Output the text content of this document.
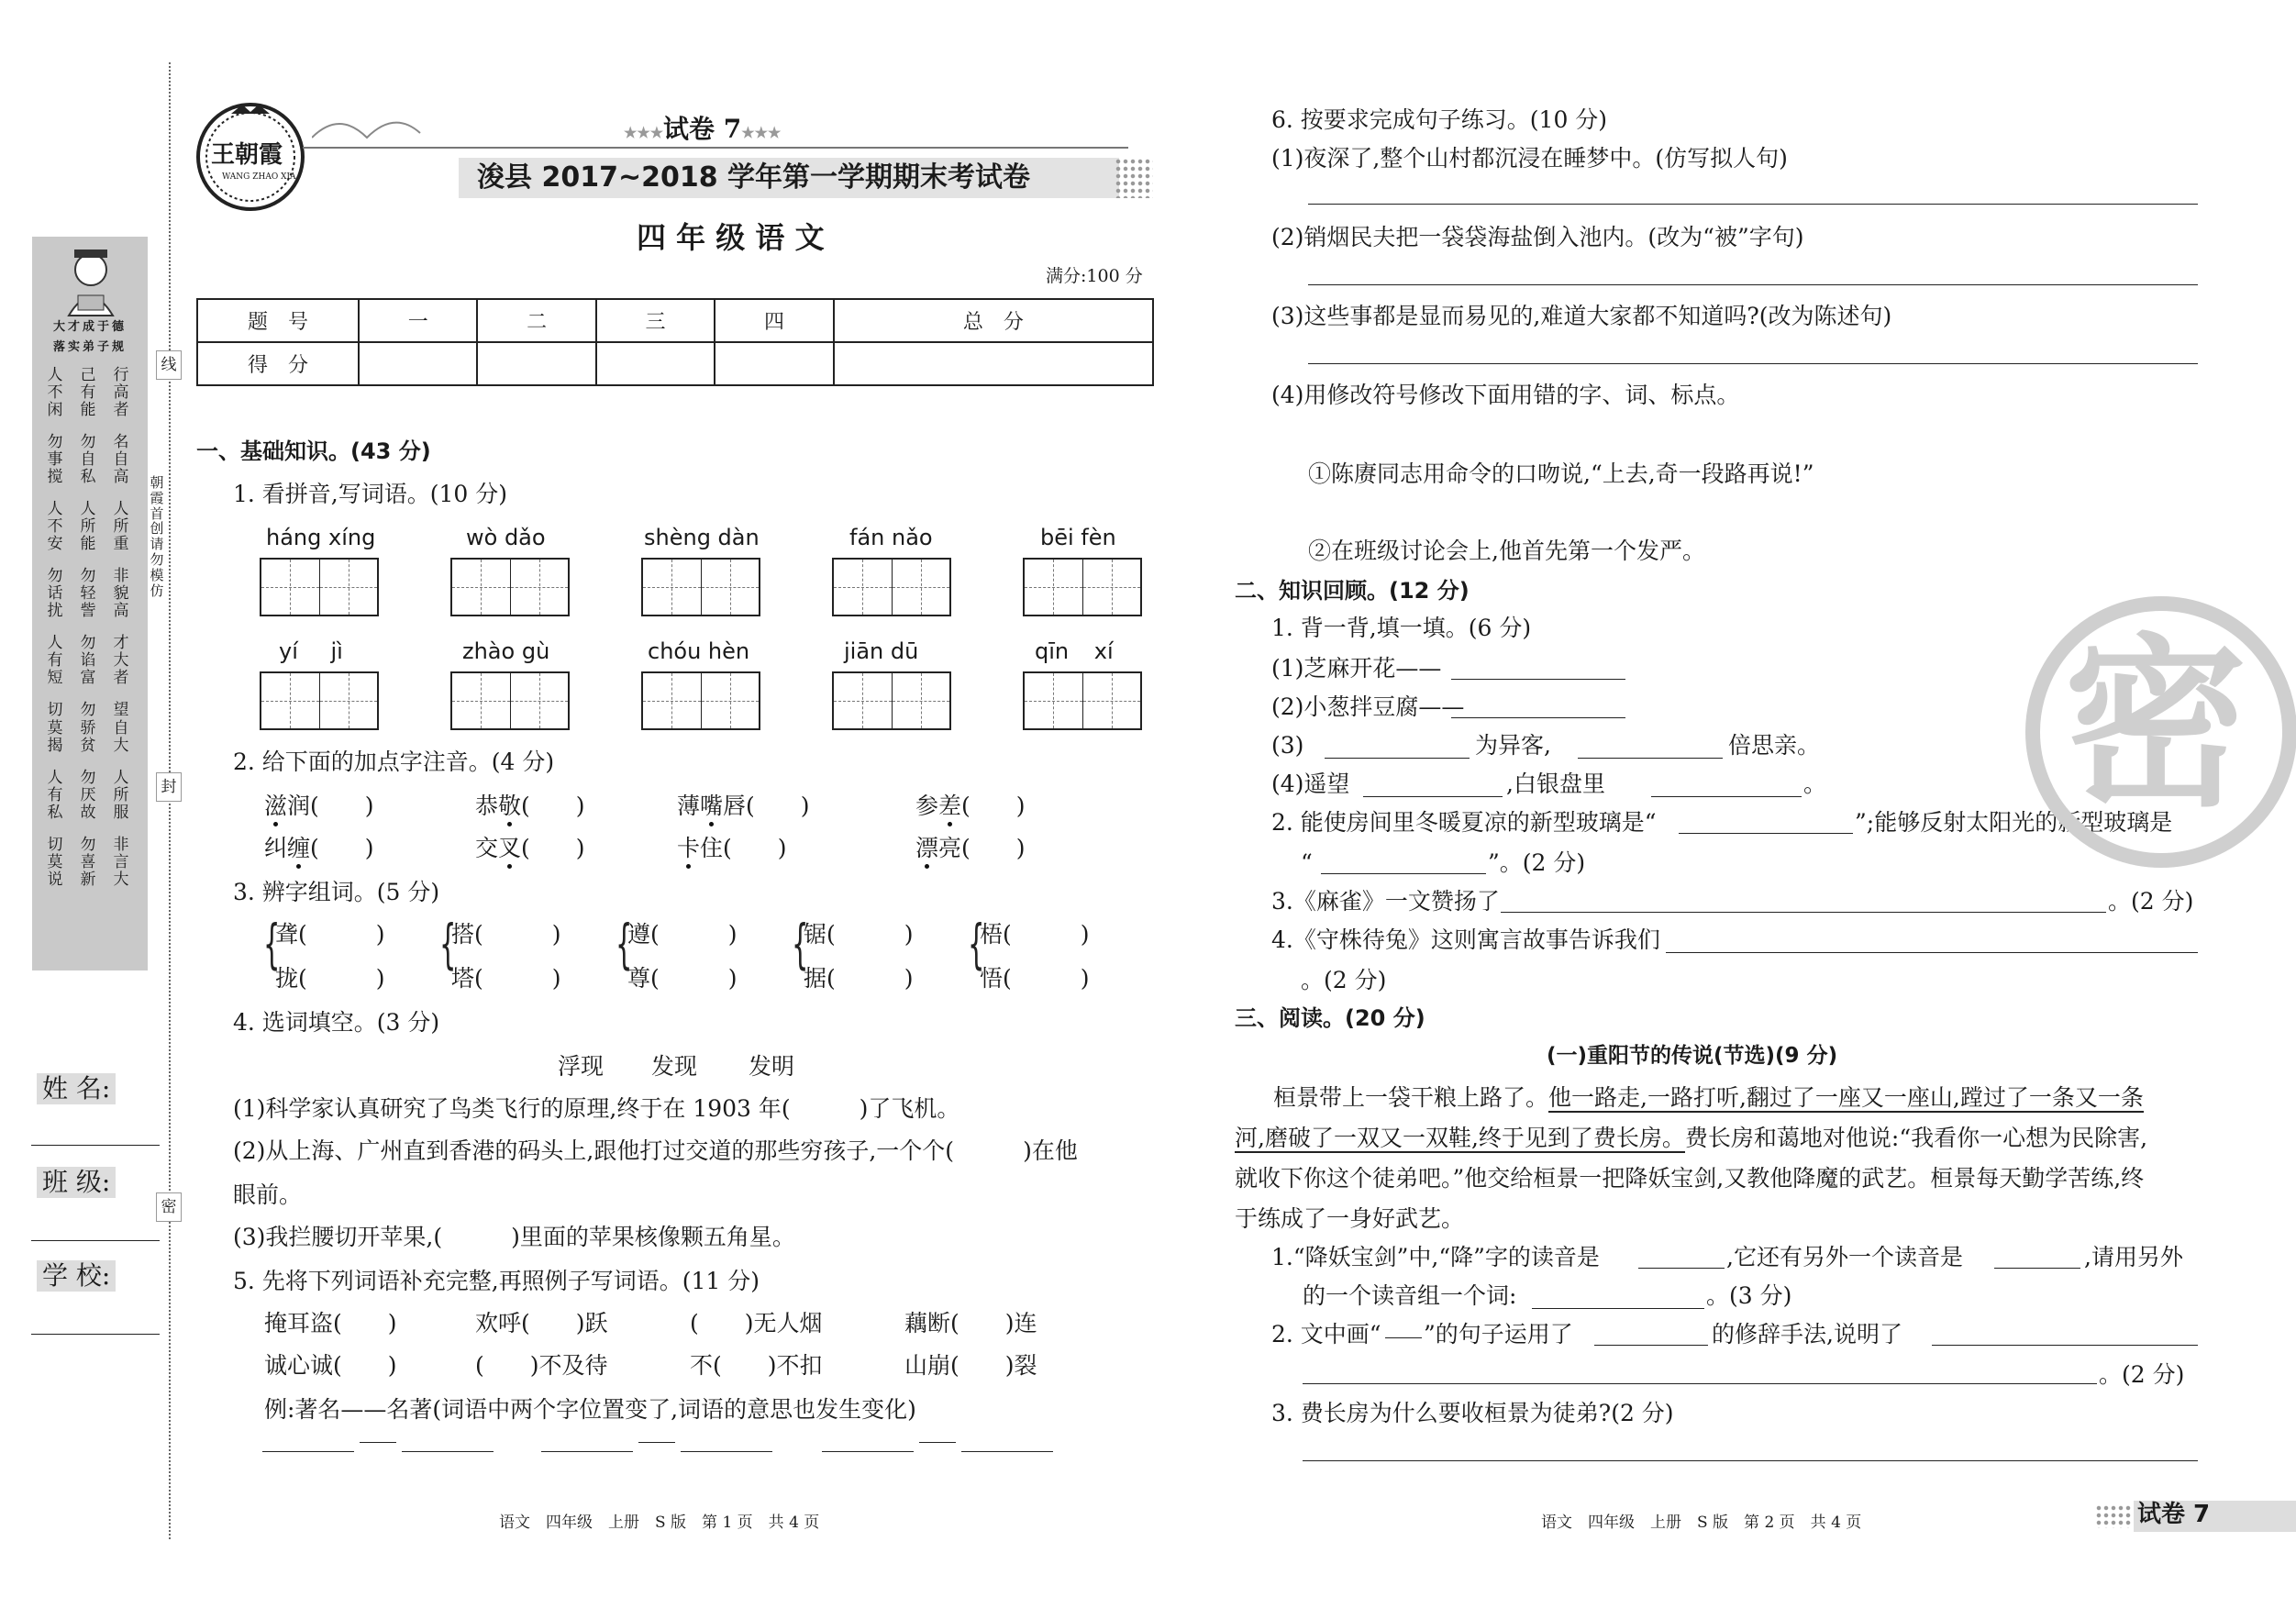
大才成于德
落实弟子规
人不闲
己有能
行高者
勿事搅
勿自私
名自高
人不安
人所能
人所重
勿话扰
勿轻訾
非貌高
人有短
勿谄富
才大者
切莫揭
勿骄贫
望自大
人有私
勿厌故
人所服
切莫说
勿喜新
非言大
朝霞首创 请勿模仿
线
封
密
姓 名:
班 级:
学 校:
王朝霞
WANG ZHAO XIA
★★★试卷 7★★★
浚县 2017~2018 学年第一学期期末考试卷
四 年 级 语 文
满分:100 分
题　号	一	二	三	四	总　分
得　分					
一、基础知识。(43 分)
1. 看拼音,写词语。(10 分)
háng xíng	wò dǎo	shèng dàn	fán nǎo	bēi fèn
yí jì	zhào gù	chóu hèn	jiān dū	qīn xí
2. 给下面的加点字注音。(4 分)
滋润(　　)	恭敬(　　)	薄嘴唇(　　)	参差(　　)
纠缠(　　)	交叉(　　)	卡住(　　)	漂亮(　　)
3. 辨字组词。(5 分)
{
聋(　　　)
拢(　　　)
{
搭(　　　)
塔(　　　)
{
遵(　　　)
尊(　　　)
{
锯(　　　)
据(　　　)
{
梧(　　　)
悟(　　　)
4. 选词填空。(3 分)
浮现 发现 发明
(1)科学家认真研究了鸟类飞行的原理,终于在 1903 年(　　　)了飞机。
(2)从上海、广州直到香港的码头上,跟他打过交道的那些穷孩子,一个个(　　　)在他
眼前。
(3)我拦腰切开苹果,(　　　)里面的苹果核像颗五角星。
5. 先将下列词语补充完整,再照例子写词语。(11 分)
掩耳盗(　　)	欢呼(　　)跃	(　　)无人烟	藕断(　　)连
诚心诚(　　)	(　　)不及待	不(　　)不扣	山崩(　　)裂
例:著名——名著(词语中两个字位置变了,词语的意思也发生变化)
语文　四年级　上册　S 版　第 1 页　共 4 页
6. 按要求完成句子练习。(10 分)
(1)夜深了,整个山村都沉浸在睡梦中。(仿写拟人句)
(2)销烟民夫把一袋袋海盐倒入池内。(改为“被”字句)
(3)这些事都是显而易见的,难道大家都不知道吗?(改为陈述句)
(4)用修改符号修改下面用错的字、词、标点。
①陈赓同志用命令的口吻说,“上去,奇一段路再说!”
②在班级讨论会上,他首先第一个发严。
二、知识回顾。(12 分)
1. 背一背,填一填。(6 分)
(1)芝麻开花——
(2)小葱拌豆腐——
(3)	为异客,	倍思亲。
(4)遥望	,白银盘里	。
2. 能使房间里冬暖夏凉的新型玻璃是“	”;能够反射太阳光的新型玻璃是
“	”。(2 分)
3.《麻雀》一文赞扬了	。(2 分)
4.《守株待兔》这则寓言故事告诉我们
。(2 分)
三、阅读。(20 分)
(一)重阳节的传说(节选)(9 分)
桓景带上一袋干粮上路了。他一路走,一路打听,翻过了一座又一座山,蹚过了一条又一条
河,磨破了一双又一双鞋,终于见到了费长房。费长房和蔼地对他说:“我看你一心想为民除害,
就收下你这个徒弟吧。”他交给桓景一把降妖宝剑,又教他降魔的武艺。桓景每天勤学苦练,终
于练成了一身好武艺。
1.“降妖宝剑”中,“降”字的读音是	,它还有另外一个读音是	,请用另外
的一个读音组一个词:	。(3 分)
2. 文中画“ ”的句子运用了	的修辞手法,说明了
。(2 分)
3. 费长房为什么要收桓景为徒弟?(2 分)
语文　四年级　上册　S 版　第 2 页　共 4 页	试卷 7
密
